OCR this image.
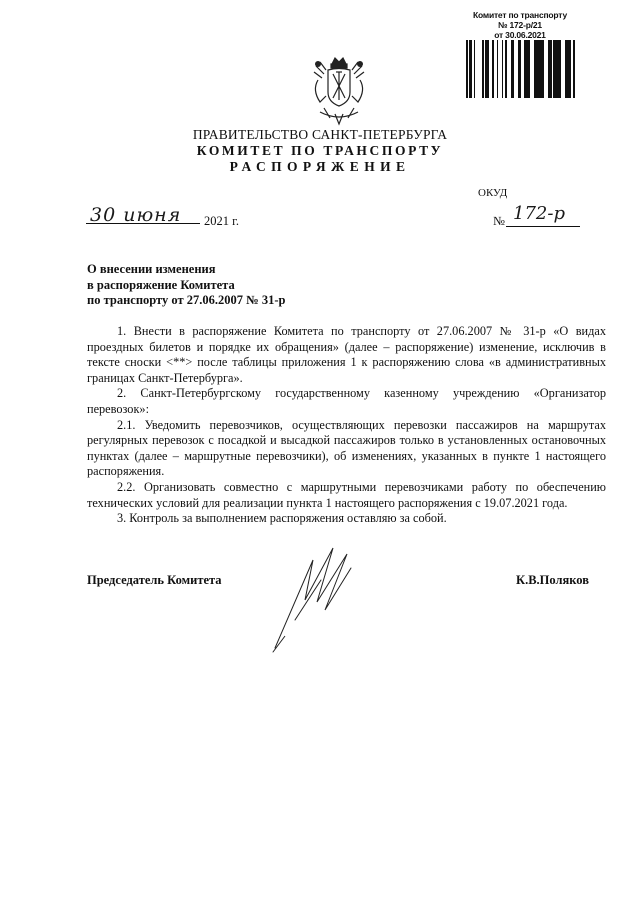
Комитет по транспорту
№ 172-р/21
от 30.06.2021
ПРАВИТЕЛЬСТВО САНКТ-ПЕТЕРБУРГА
КОМИТЕТ ПО ТРАНСПОРТУ
РАСПОРЯЖЕНИЕ
ОКУД
30 июня 2021 г.	№ 172-р
О внесении изменения
в распоряжение Комитета
по транспорту от 27.06.2007 № 31-р

1. Внести в распоряжение Комитета по транспорту от 27.06.2007 № 31-р «О видах проездных билетов и порядке их обращения» (далее – распоряжение) изменение, исключив в тексте сноски <**> после таблицы приложения 1 к распоряжению слова «в административных границах Санкт-Петербурга».

2. Санкт-Петербургскому государственному казенному учреждению «Организатор перевозок»:

2.1. Уведомить перевозчиков, осуществляющих перевозки пассажиров на маршрутах регулярных перевозок с посадкой и высадкой пассажиров только в установленных остановочных пунктах (далее – маршрутные перевозчики), об изменениях, указанных в пункте 1 настоящего распоряжения.

2.2. Организовать совместно с маршрутными перевозчиками работу по обеспечению технических условий для реализации пункта 1 настоящего распоряжения с 19.07.2021 года.

3. Контроль за выполнением распоряжения оставляю за собой.

Председатель Комитета	К.В.Поляков
